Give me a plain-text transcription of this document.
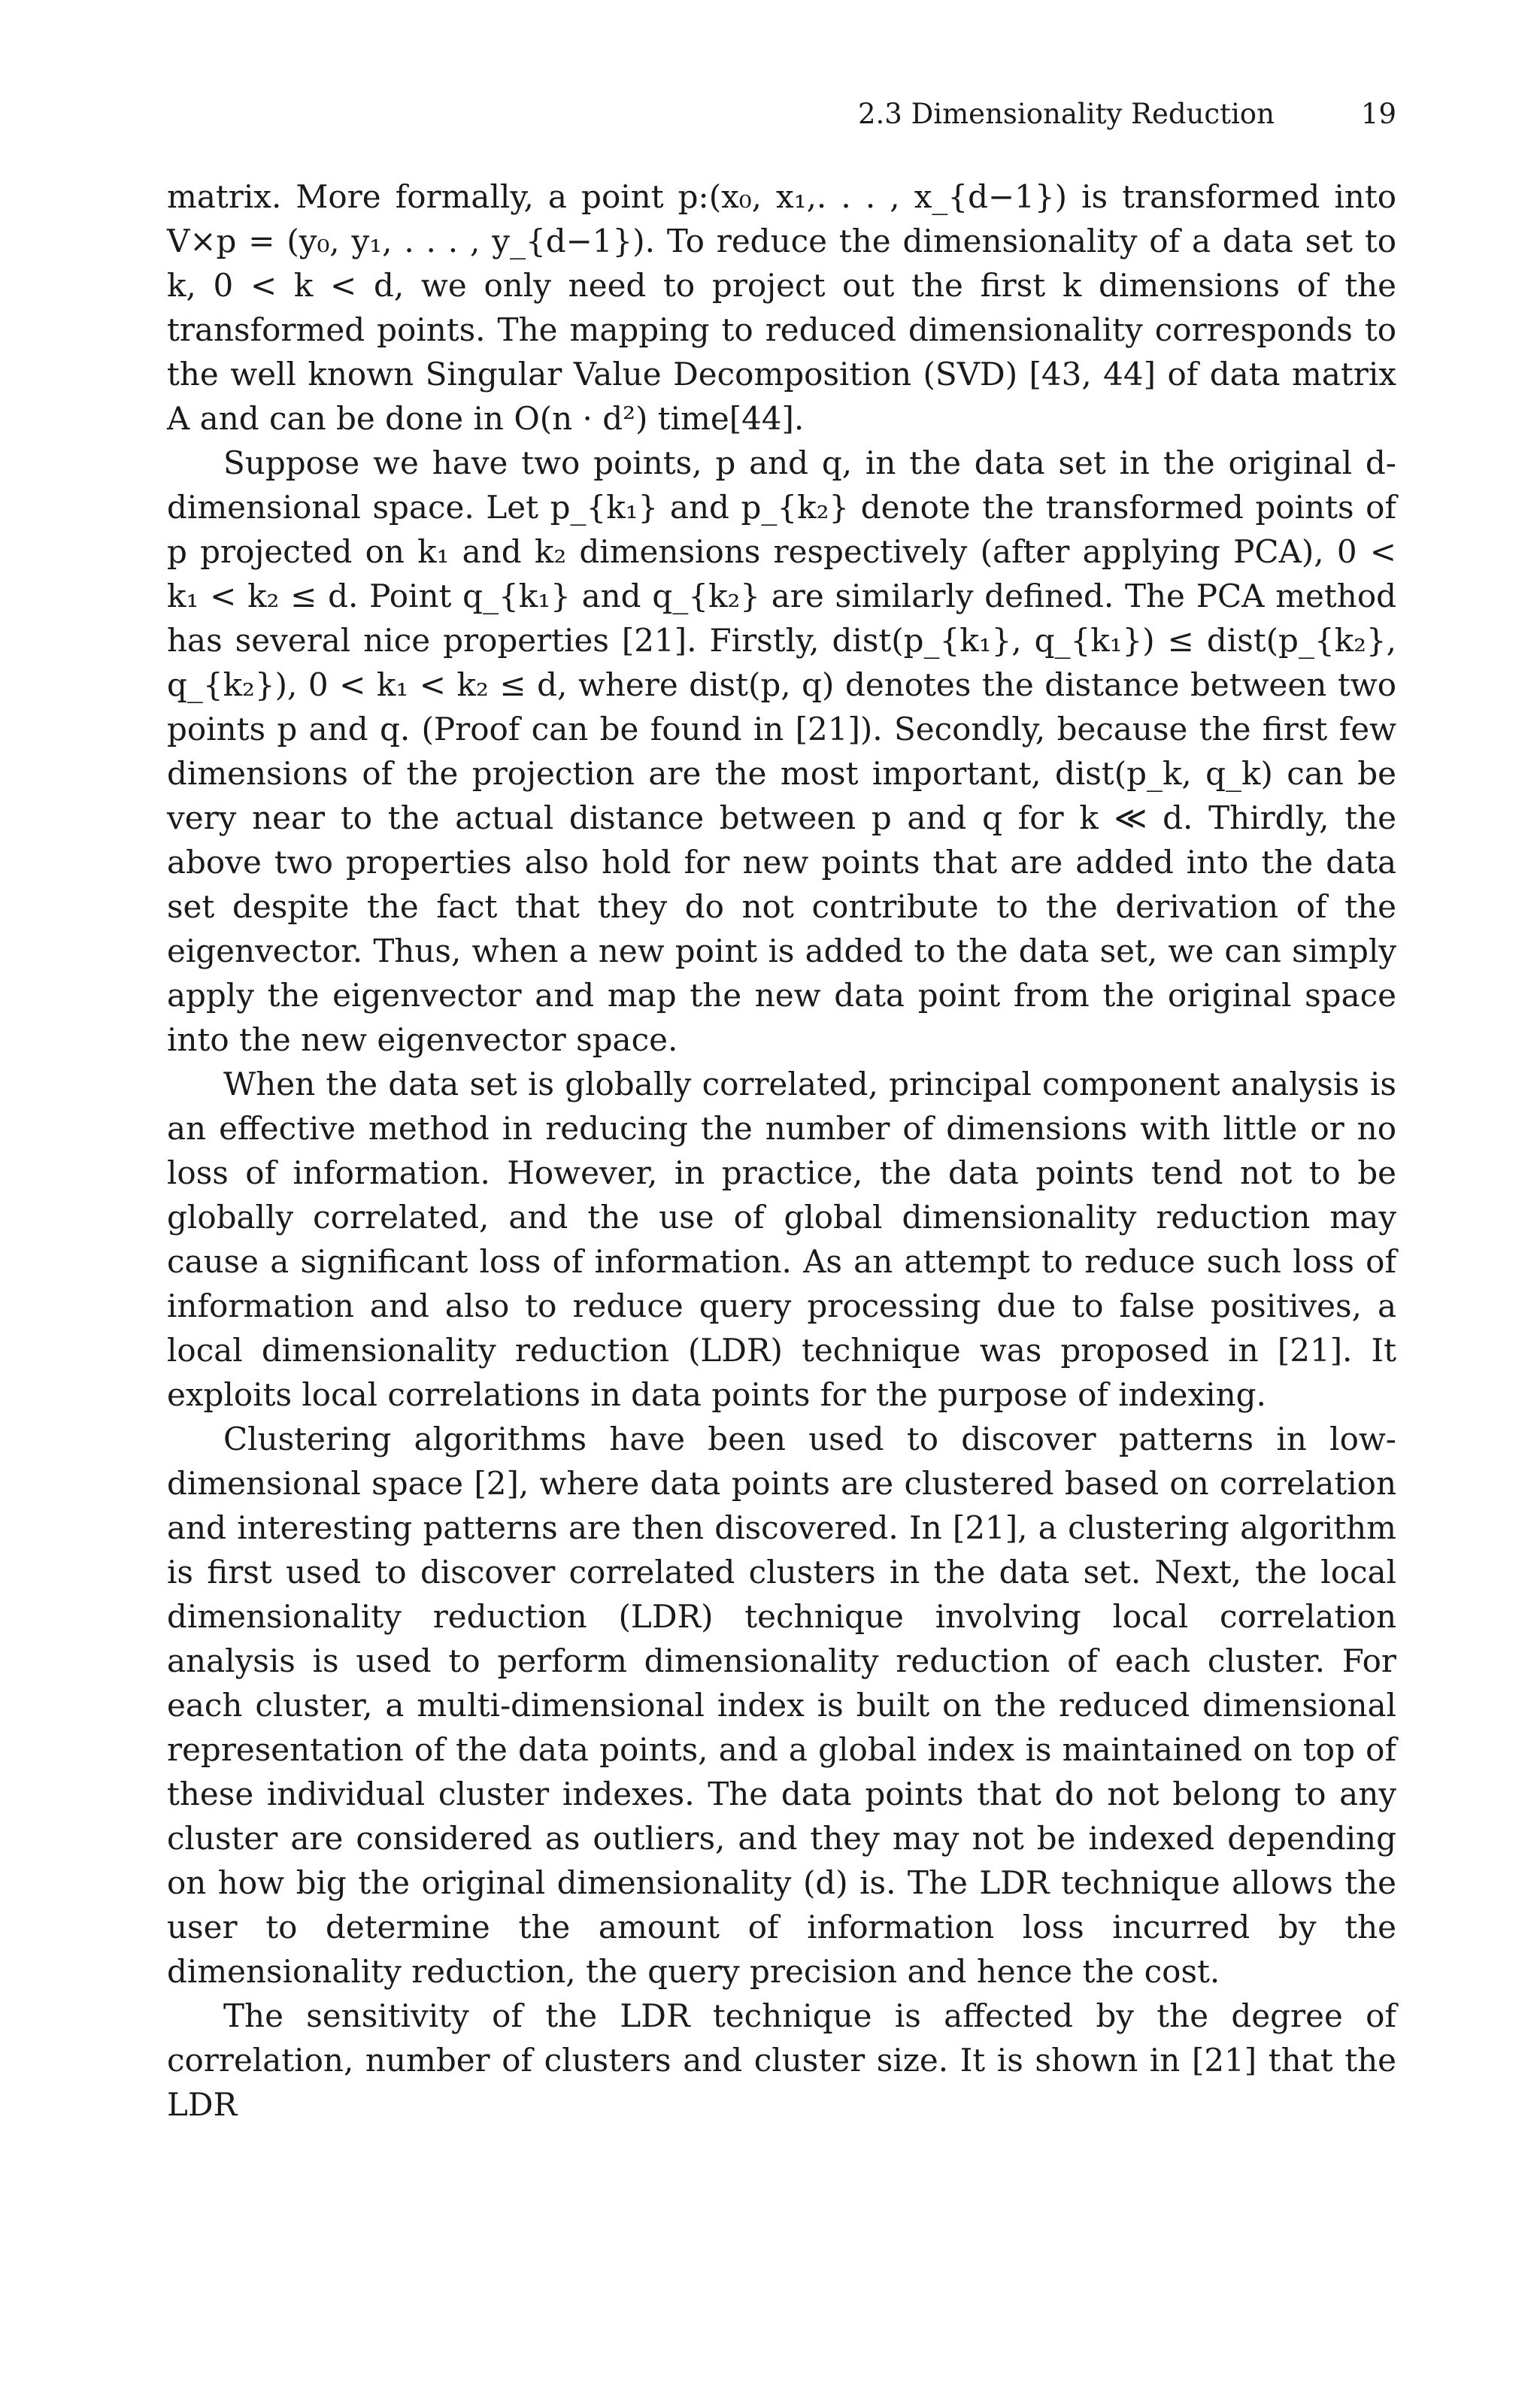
2.3 Dimensionality Reduction	19

matrix. More formally, a point p:(x₀, x₁,. . . , x_{d−1}) is transformed into V×p = (y₀, y₁, . . . , y_{d−1}). To reduce the dimensionality of a data set to k, 0 < k < d, we only need to project out the first k dimensions of the transformed points. The mapping to reduced dimensionality corresponds to the well known Singular Value Decomposition (SVD) [43, 44] of data matrix A and can be done in O(n · d²) time[44].

Suppose we have two points, p and q, in the data set in the original d-dimensional space. Let p_{k₁} and p_{k₂} denote the transformed points of p projected on k₁ and k₂ dimensions respectively (after applying PCA), 0 < k₁ < k₂ ≤ d. Point q_{k₁} and q_{k₂} are similarly defined. The PCA method has several nice properties [21]. Firstly, dist(p_{k₁}, q_{k₁}) ≤ dist(p_{k₂}, q_{k₂}), 0 < k₁ < k₂ ≤ d, where dist(p, q) denotes the distance between two points p and q. (Proof can be found in [21]). Secondly, because the first few dimensions of the projection are the most important, dist(p_k, q_k) can be very near to the actual distance between p and q for k ≪ d. Thirdly, the above two properties also hold for new points that are added into the data set despite the fact that they do not contribute to the derivation of the eigenvector. Thus, when a new point is added to the data set, we can simply apply the eigenvector and map the new data point from the original space into the new eigenvector space.

When the data set is globally correlated, principal component analysis is an effective method in reducing the number of dimensions with little or no loss of information. However, in practice, the data points tend not to be globally correlated, and the use of global dimensionality reduction may cause a significant loss of information. As an attempt to reduce such loss of information and also to reduce query processing due to false positives, a local dimensionality reduction (LDR) technique was proposed in [21]. It exploits local correlations in data points for the purpose of indexing.

Clustering algorithms have been used to discover patterns in low-dimensional space [2], where data points are clustered based on correlation and interesting patterns are then discovered. In [21], a clustering algorithm is first used to discover correlated clusters in the data set. Next, the local dimensionality reduction (LDR) technique involving local correlation analysis is used to perform dimensionality reduction of each cluster. For each cluster, a multi-dimensional index is built on the reduced dimensional representation of the data points, and a global index is maintained on top of these individual cluster indexes. The data points that do not belong to any cluster are considered as outliers, and they may not be indexed depending on how big the original dimensionality (d) is. The LDR technique allows the user to determine the amount of information loss incurred by the dimensionality reduction, the query precision and hence the cost.

The sensitivity of the LDR technique is affected by the degree of correlation, number of clusters and cluster size. It is shown in [21] that the LDR
